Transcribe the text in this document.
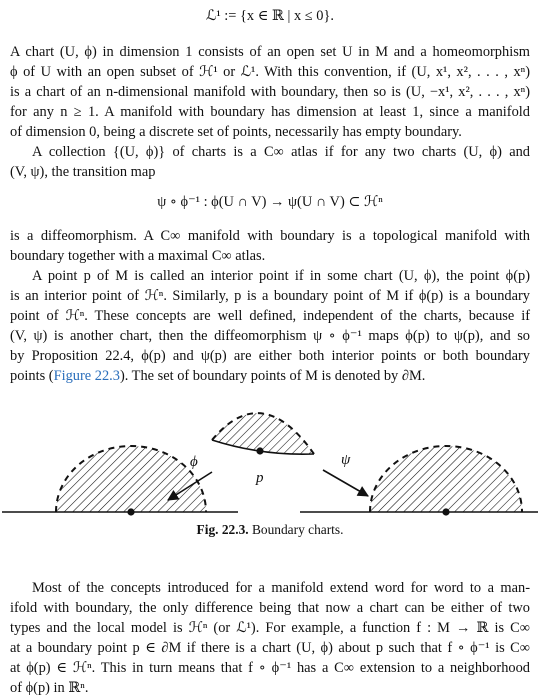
ℒ¹ := {x ∈ ℝ | x ≤ 0}.
A chart (U, ϕ) in dimension 1 consists of an open set U in M and a homeomorphism
ϕ of U with an open subset of ℋ¹ or ℒ¹. With this convention, if (U, x¹, x², . . . , xⁿ)
is a chart of an n-dimensional manifold with boundary, then so is (U, −x¹, x², . . . , xⁿ)
for any n ≥ 1. A manifold with boundary has dimension at least 1, since a manifold
of dimension 0, being a discrete set of points, necessarily has empty boundary.
A collection {(U, ϕ)} of charts is a C∞ atlas if for any two charts (U, ϕ) and
(V, ψ), the transition map
ψ ∘ ϕ⁻¹ : ϕ(U ∩ V) → ψ(U ∩ V) ⊂ ℋⁿ
is a diffeomorphism. A C∞ manifold with boundary is a topological manifold with
boundary together with a maximal C∞ atlas.
A point p of M is called an interior point if in some chart (U, ϕ), the point ϕ(p)
is an interior point of ℋⁿ. Similarly, p is a boundary point of M if ϕ(p) is a boundary
point of ℋⁿ. These concepts are well defined, independent of the charts, because if
(V, ψ) is another chart, then the diffeomorphism ψ ∘ ϕ⁻¹ maps ϕ(p) to ψ(p), and so
by Proposition 22.4, ϕ(p) and ψ(p) are either both interior points or both boundary
points (Figure 22.3). The set of boundary points of M is denoted by ∂M.
ϕ	ψ
p
Fig. 22.3. Boundary charts.
Most of the concepts introduced for a manifold extend word for word to a man-
ifold with boundary, the only difference being that now a chart can be either of two
types and the local model is ℋⁿ (or ℒ¹). For example, a function f : M → ℝ is C∞
at a boundary point p ∈ ∂M if there is a chart (U, ϕ) about p such that f ∘ ϕ⁻¹ is C∞
at ϕ(p) ∈ ℋⁿ. This in turn means that f ∘ ϕ⁻¹ has a C∞ extension to a neighborhood
of ϕ(p) in ℝⁿ.
